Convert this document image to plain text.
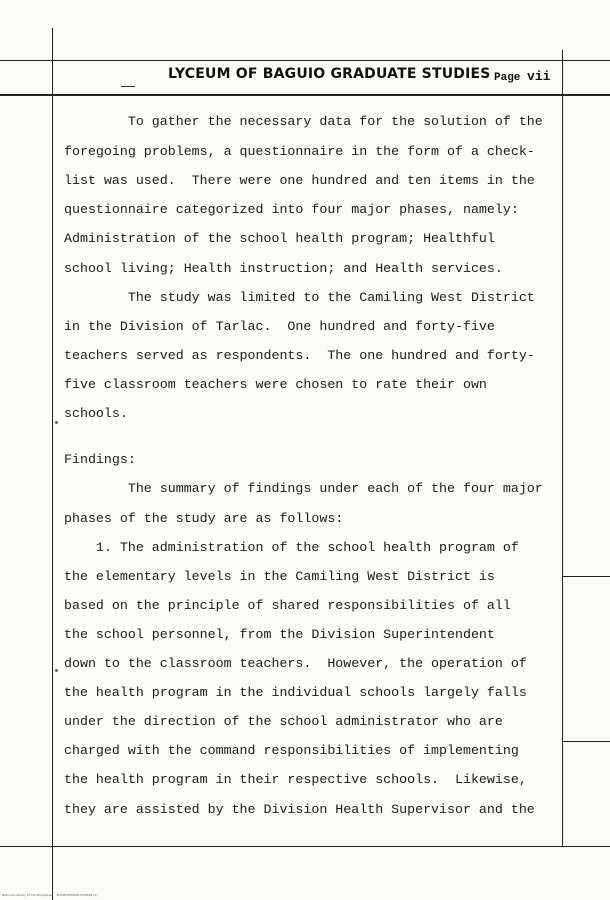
LYCEUM OF BAGUIO GRADUATE STUDIES Page vii
To gather the necessary data for the solution of the
foregoing problems, a questionnaire in the form of a check-
list was used.  There were one hundred and ten items in the
questionnaire categorized into four major phases, namely:
Administration of the school health program; Healthful
school living; Health instruction; and Health services.
The study was limited to the Camiling West District
in the Division of Tarlac.  One hundred and forty-five
teachers served as respondents.  The one hundred and forty-
five classroom teachers were chosen to rate their own
schools.
Findings:
The summary of findings under each of the four major
phases of the study are as follows:
1. The administration of the school health program of
the elementary levels in the Camiling West District is
based on the principle of shared responsibilities of all
the school personnel, from the Division Superintendent
down to the classroom teachers.  However, the operation of
the health program in the individual schools largely falls
under the direction of the school administrator who are
charged with the command responsibilities of implementing
the health program in their respective schools.  Likewise,
they are assisted by the Division Health Supervisor and the
National Library of the Philippines    RUFPRVE0000124HBOB (1)
